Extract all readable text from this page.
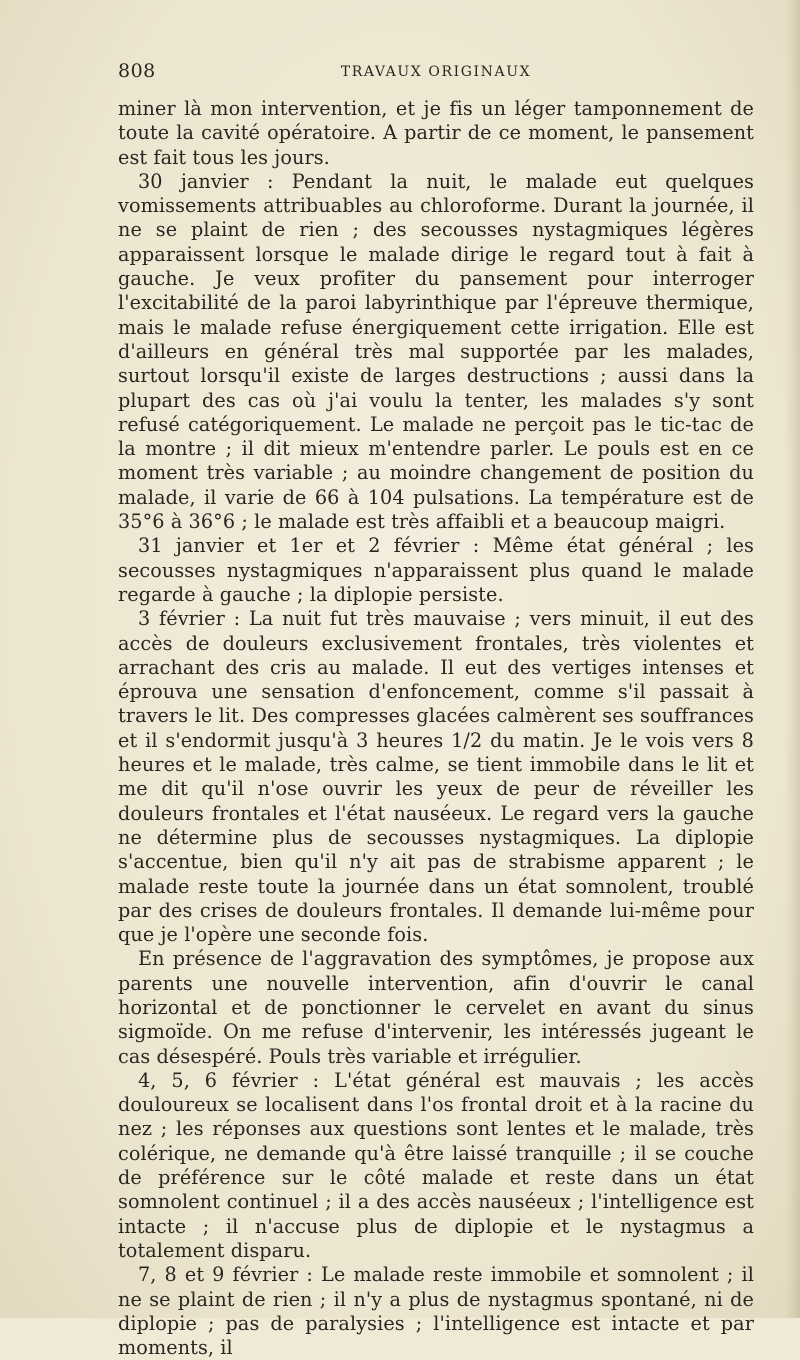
808	TRAVAUX ORIGINAUX

miner là mon intervention, et je fis un léger tamponnement de toute la cavité opératoire. A partir de ce moment, le pansement est fait tous les jours.

30 janvier : Pendant la nuit, le malade eut quelques vomissements attribuables au chloroforme. Durant la journée, il ne se plaint de rien ; des secousses nystagmiques légères apparaissent lorsque le malade dirige le regard tout à fait à gauche. Je veux profiter du pansement pour interroger l'excitabilité de la paroi labyrinthique par l'épreuve thermique, mais le malade refuse énergiquement cette irrigation. Elle est d'ailleurs en général très mal supportée par les malades, surtout lorsqu'il existe de larges destructions ; aussi dans la plupart des cas où j'ai voulu la tenter, les malades s'y sont refusé catégoriquement. Le malade ne perçoit pas le tic-tac de la montre ; il dit mieux m'entendre parler. Le pouls est en ce moment très variable ; au moindre changement de position du malade, il varie de 66 à 104 pulsations. La température est de 35°6 à 36°6 ; le malade est très affaibli et a beaucoup maigri.

31 janvier et 1er et 2 février : Même état général ; les secousses nystagmiques n'apparaissent plus quand le malade regarde à gauche ; la diplopie persiste.

3 février : La nuit fut très mauvaise ; vers minuit, il eut des accès de douleurs exclusivement frontales, très violentes et arrachant des cris au malade. Il eut des vertiges intenses et éprouva une sensation d'enfoncement, comme s'il passait à travers le lit. Des compresses glacées calmèrent ses souffrances et il s'endormit jusqu'à 3 heures 1/2 du matin. Je le vois vers 8 heures et le malade, très calme, se tient immobile dans le lit et me dit qu'il n'ose ouvrir les yeux de peur de réveiller les douleurs frontales et l'état nauséeux. Le regard vers la gauche ne détermine plus de secousses nystagmiques. La diplopie s'accentue, bien qu'il n'y ait pas de strabisme apparent ; le malade reste toute la journée dans un état somnolent, troublé par des crises de douleurs frontales. Il demande lui-même pour que je l'opère une seconde fois.

En présence de l'aggravation des symptômes, je propose aux parents une nouvelle intervention, afin d'ouvrir le canal horizontal et de ponctionner le cervelet en avant du sinus sigmoïde. On me refuse d'intervenir, les intéressés jugeant le cas désespéré. Pouls très variable et irrégulier.

4, 5, 6 février : L'état général est mauvais ; les accès douloureux se localisent dans l'os frontal droit et à la racine du nez ; les réponses aux questions sont lentes et le malade, très colérique, ne demande qu'à être laissé tranquille ; il se couche de préférence sur le côté malade et reste dans un état somnolent continuel ; il a des accès nauséeux ; l'intelligence est intacte ; il n'accuse plus de diplopie et le nystagmus a totalement disparu.

7, 8 et 9 février : Le malade reste immobile et somnolent ; il ne se plaint de rien ; il n'y a plus de nystagmus spontané, ni de diplopie ; pas de paralysies ; l'intelligence est intacte et par moments, il
